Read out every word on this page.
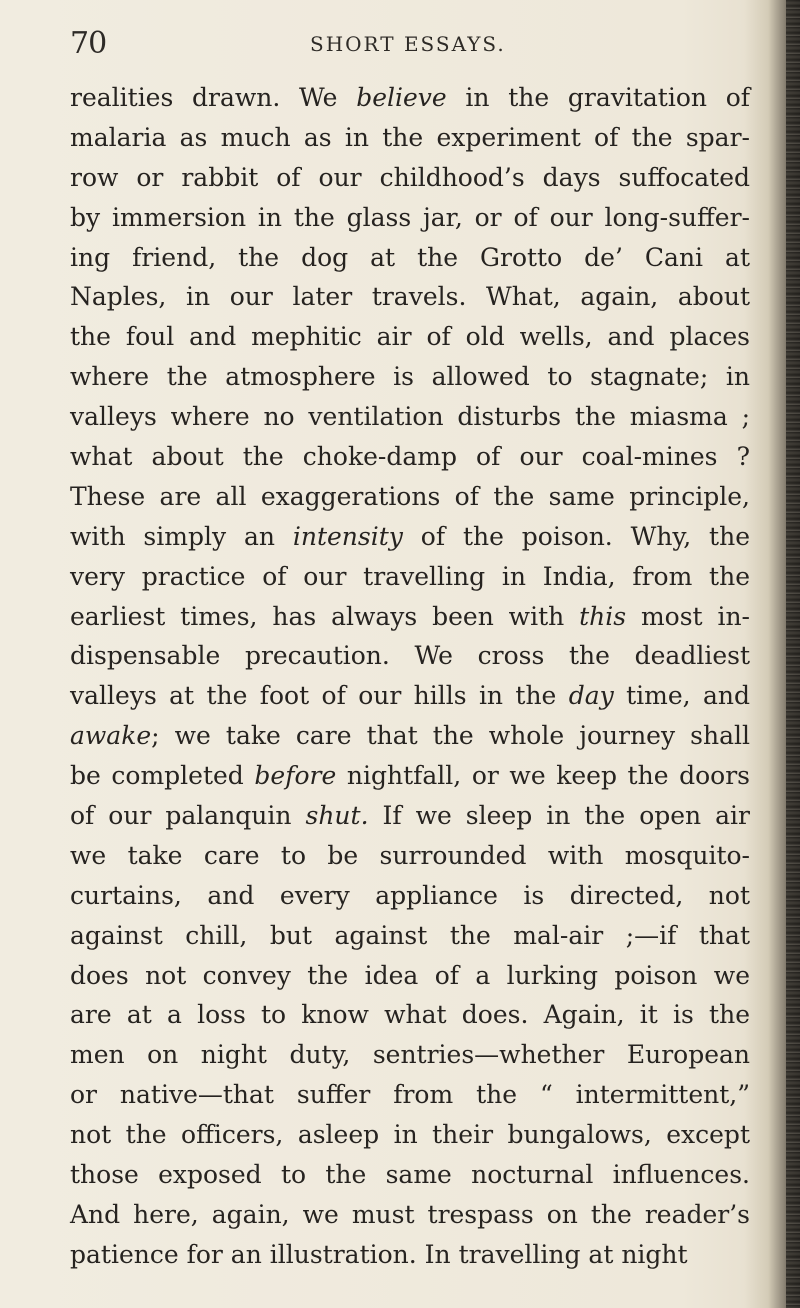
70	SHORT ESSAYS.
realities drawn. We believe in the gravitation of
malaria as much as in the experiment of the spar-
row or rabbit of our childhood’s days suffocated
by immersion in the glass jar, or of our long-suffer-
ing friend, the dog at the Grotto de’ Cani at
Naples, in our later travels. What, again, about
the foul and mephitic air of old wells, and places
where the atmosphere is allowed to stagnate; in
valleys where no ventilation disturbs the miasma ;
what about the choke-damp of our coal-mines ?
These are all exaggerations of the same principle,
with simply an intensity of the poison. Why, the
very practice of our travelling in India, from the
earliest times, has always been with this most in-
dispensable precaution. We cross the deadliest
valleys at the foot of our hills in the day time, and
awake; we take care that the whole journey shall
be completed before nightfall, or we keep the doors
of our palanquin shut. If we sleep in the open air
we take care to be surrounded with mosquito-
curtains, and every appliance is directed, not
against chill, but against the mal-air ;—if that
does not convey the idea of a lurking poison we
are at a loss to know what does. Again, it is the
men on night duty, sentries—whether European
or native—that suffer from the “ intermittent,”
not the officers, asleep in their bungalows, except
those exposed to the same nocturnal influences.
And here, again, we must trespass on the reader’s
patience for an illustration. In travelling at night
